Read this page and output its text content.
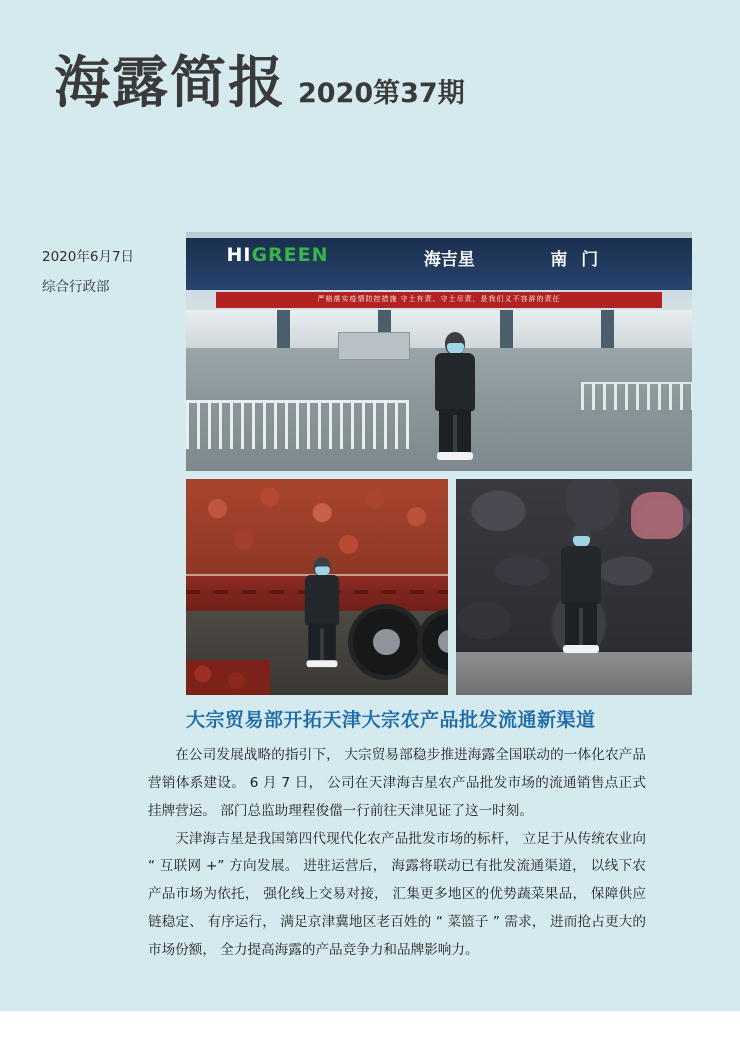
海露简报 2020第37期
2020年6月7日
综合行政部
HIGREEN	海吉星	南 门
严格落实疫情防控措施 守土有责、守土尽责，是我们义不容辞的责任
大宗贸易部开拓天津大宗农产品批发流通新渠道

在公司发展战略的指引下， 大宗贸易部稳步推进海露全国联动的一体化农产品营销体系建设。 6 月 7 日， 公司在天津海吉星农产品批发市场的流通销售点正式挂牌营运。 部门总监助理程俊儅一行前往天津见证了这一时刻。

天津海吉星是我国第四代现代化农产品批发市场的标杆， 立足于从传统农业向 “ 互联网 +” 方向发展。 进驻运营后， 海露将联动已有批发流通渠道， 以线下农产品市场为依托， 强化线上交易对接， 汇集更多地区的优势蔬菜果品， 保障供应链稳定、 有序运行， 满足京津冀地区老百姓的 “ 菜篮子 ” 需求， 进而抢占更大的市场份额， 全力提高海露的产品竞争力和品牌影响力。
